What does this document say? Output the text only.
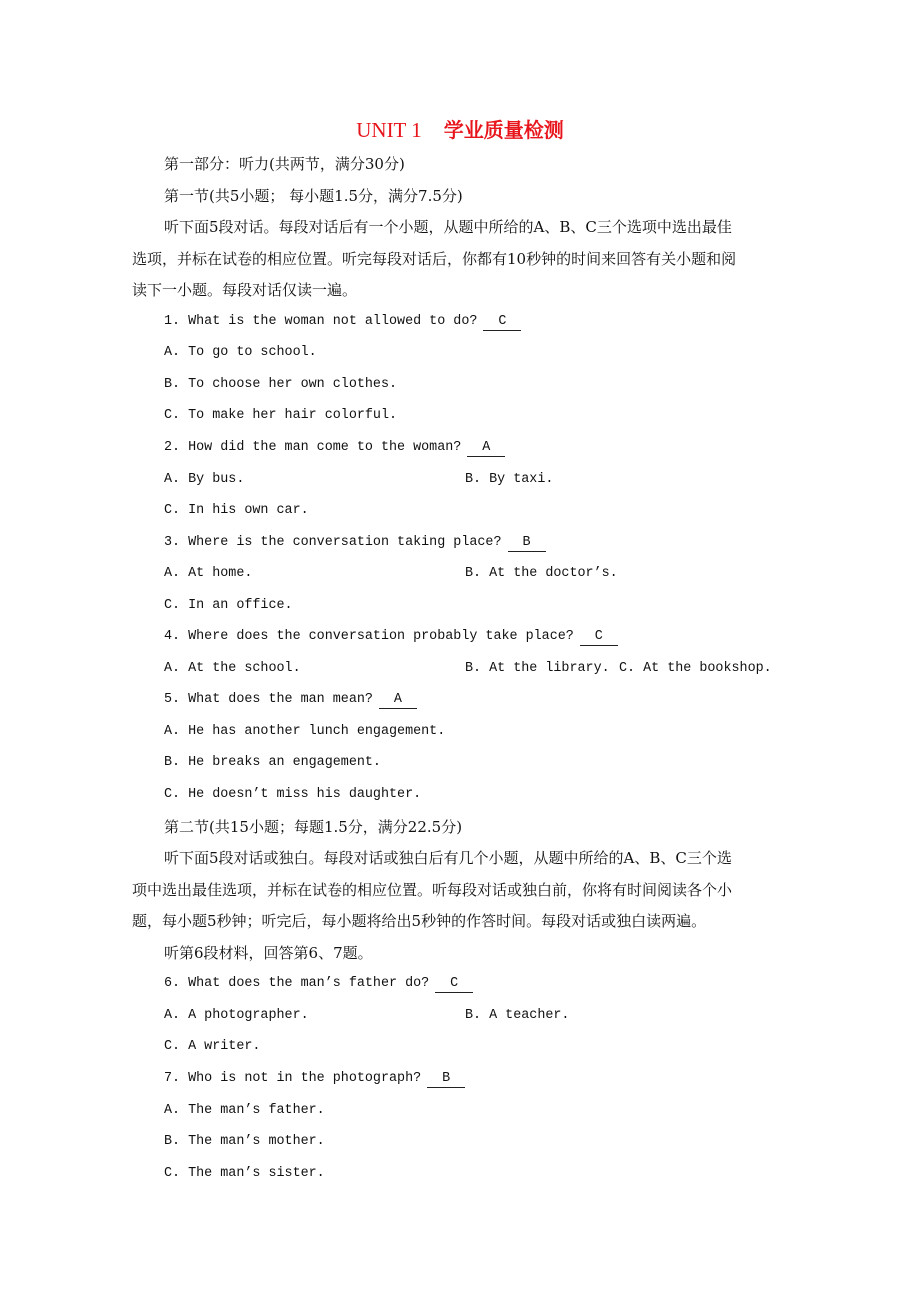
UNIT 1 学业质量检测
第一部分：听力(共两节，满分30分)
第一节(共5小题； 每小题1.5分，满分7.5分)
听下面5段对话。每段对话后有一个小题，从题中所给的A、B、C三个选项中选出最佳
选项，并标在试卷的相应位置。听完每段对话后，你都有10秒钟的时间来回答有关小题和阅
读下一小题。每段对话仅读一遍。
1. What is the woman not allowed to do? C
A. To go to school.
B. To choose her own clothes.
C. To make her hair colorful.
2. How did the man come to the woman? A
A. By bus.	B. By taxi.
C. In his own car.
3. Where is the conversation taking place? B
A. At home.	B. At the doctor’s.
C. In an office.
4. Where does the conversation probably take place? C
A. At the school.	B. At the library. C. At the bookshop.
5. What does the man mean? A
A. He has another lunch engagement.
B. He breaks an engagement.
C. He doesn’t miss his daughter.
第二节(共15小题；每题1.5分，满分22.5分)
听下面5段对话或独白。每段对话或独白后有几个小题，从题中所给的A、B、C三个选
项中选出最佳选项，并标在试卷的相应位置。听每段对话或独白前，你将有时间阅读各个小
题，每小题5秒钟；听完后，每小题将给出5秒钟的作答时间。每段对话或独白读两遍。
听第6段材料，回答第6、7题。
6. What does the man’s father do? C
A. A photographer.	B. A teacher.
C. A writer.
7. Who is not in the photograph? B
A. The man’s father.
B. The man’s mother.
C. The man’s sister.
